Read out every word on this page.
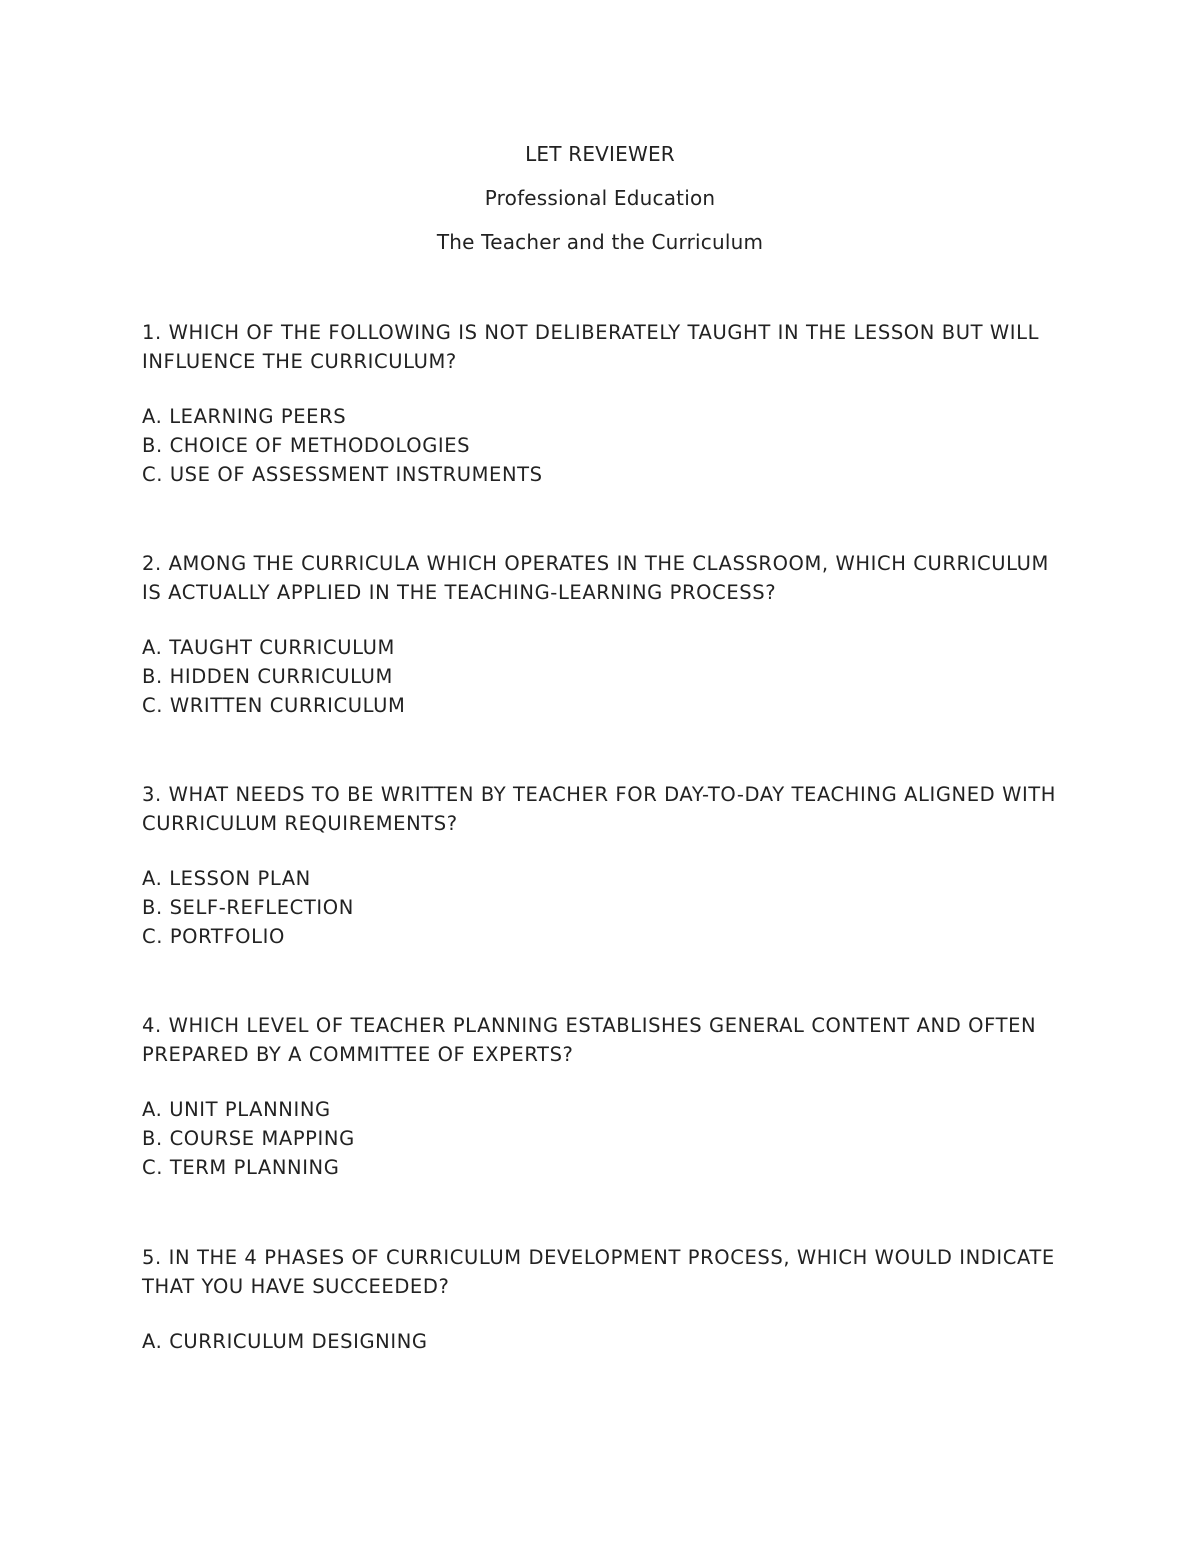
LET REVIEWER
Professional Education
The Teacher and the Curriculum

1. WHICH OF THE FOLLOWING IS NOT DELIBERATELY TAUGHT IN THE LESSON BUT WILL INFLUENCE THE CURRICULUM?

A. LEARNING PEERS
B. CHOICE OF METHODOLOGIES
C. USE OF ASSESSMENT INSTRUMENTS

2. AMONG THE CURRICULA WHICH OPERATES IN THE CLASSROOM, WHICH CURRICULUM IS ACTUALLY APPLIED IN THE TEACHING-LEARNING PROCESS?

A. TAUGHT CURRICULUM
B. HIDDEN CURRICULUM
C. WRITTEN CURRICULUM

3. WHAT NEEDS TO BE WRITTEN BY TEACHER FOR DAY-TO-DAY TEACHING ALIGNED WITH CURRICULUM REQUIREMENTS?

A. LESSON PLAN
B. SELF-REFLECTION
C. PORTFOLIO

4. WHICH LEVEL OF TEACHER PLANNING ESTABLISHES GENERAL CONTENT AND OFTEN PREPARED BY A COMMITTEE OF EXPERTS?

A. UNIT PLANNING
B. COURSE MAPPING
C. TERM PLANNING

5. IN THE 4 PHASES OF CURRICULUM DEVELOPMENT PROCESS, WHICH WOULD INDICATE THAT YOU HAVE SUCCEEDED?

A. CURRICULUM DESIGNING
